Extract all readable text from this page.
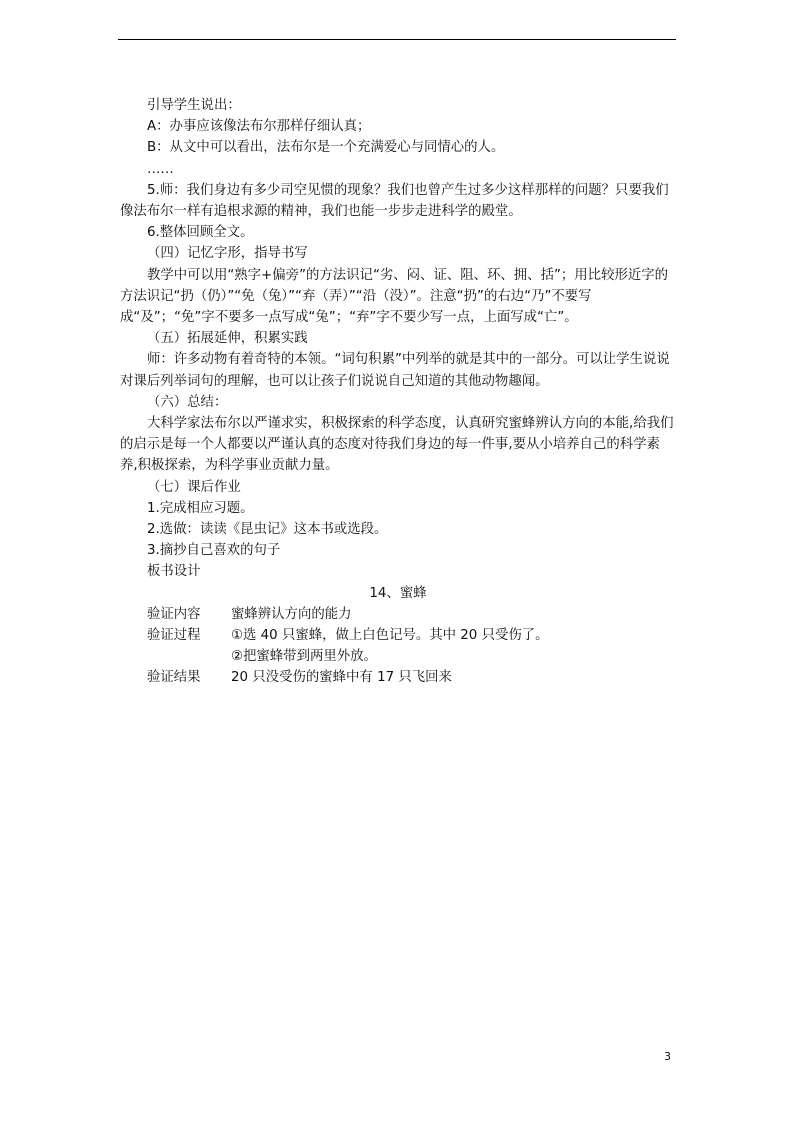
引导学生说出：

A：办事应该像法布尔那样仔细认真；

B：从文中可以看出，法布尔是一个充满爱心与同情心的人。

……

5.师：我们身边有多少司空见惯的现象？我们也曾产生过多少这样那样的问题？只要我们像法布尔一样有追根求源的精神，我们也能一步步走进科学的殿堂。

6.整体回顾全文。

（四）记忆字形，指导书写

教学中可以用“熟字+偏旁”的方法识记“劣、闷、证、阻、环、拥、括”；用比较形近字的方法识记“扔（仍）”“免（兔）”“弃（弄）”“沿（没）”。注意“扔”的右边“乃”不要写成“及”；“免”字不要多一点写成“兔”；“弃”字不要少写一点，上面写成“亡”。

（五）拓展延伸，积累实践

师：许多动物有着奇特的本领。“词句积累”中列举的就是其中的一部分。可以让学生说说对课后列举词句的理解，也可以让孩子们说说自己知道的其他动物趣闻。

（六）总结：

大科学家法布尔以严谨求实，积极探索的科学态度，认真研究蜜蜂辨认方向的本能,给我们的启示是每一个人都要以严谨认真的态度对待我们身边的每一件事,要从小培养自己的科学素养,积极探索，为科学事业贡献力量。

（七）课后作业

1.完成相应习题。

2.选做：读读《昆虫记》这本书或选段。

3.摘抄自己喜欢的句子

板书设计

14、蜜蜂

验证内容	蜜蜂辨认方向的能力
验证过程	①选 40 只蜜蜂，做上白色记号。其中 20 只受伤了。
②把蜜蜂带到两里外放。
验证结果	20 只没受伤的蜜蜂中有 17 只飞回来
3
